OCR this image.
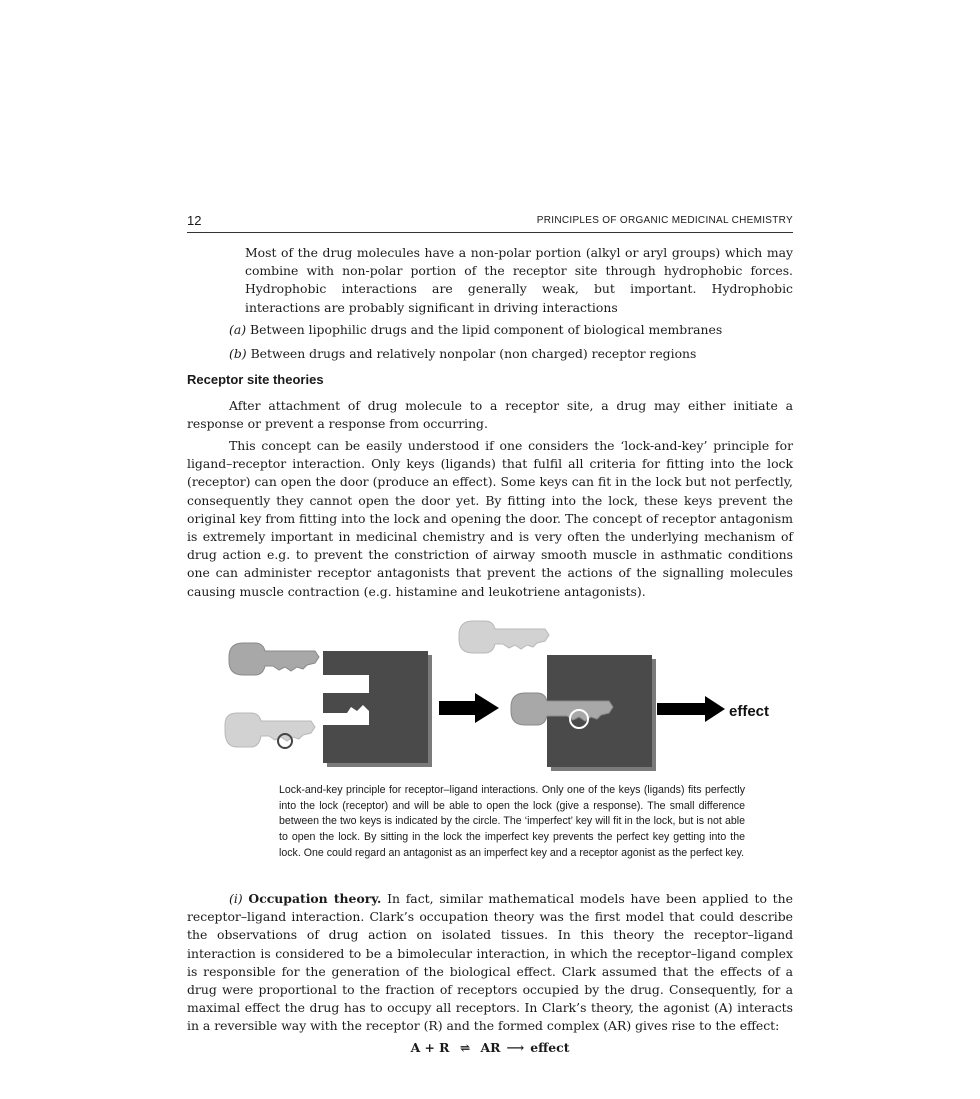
12	PRINCIPLES OF ORGANIC MEDICINAL CHEMISTRY
Most of the drug molecules have a non-polar portion (alkyl or aryl groups) which may combine with non-polar portion of the receptor site through hydrophobic forces. Hydrophobic interactions are generally weak, but important. Hydrophobic interactions are probably significant in driving interactions
(a) Between lipophilic drugs and the lipid component of biological membranes
(b) Between drugs and relatively nonpolar (non charged) receptor regions
Receptor site theories
After attachment of drug molecule to a receptor site, a drug may either initiate a response or prevent a response from occurring.
This concept can be easily understood if one considers the ‘lock-and-key’ principle for ligand–receptor interaction. Only keys (ligands) that fulfil all criteria for fitting into the lock (receptor) can open the door (produce an effect). Some keys can fit in the lock but not perfectly, consequently they cannot open the door yet. By fitting into the lock, these keys prevent the original key from fitting into the lock and opening the door. The concept of receptor antagonism is extremely important in medicinal chemistry and is very often the underlying mechanism of drug action e.g. to prevent the constriction of airway smooth muscle in asthmatic conditions one can administer receptor antagonists that prevent the actions of the signalling molecules causing muscle contraction (e.g. histamine and leukotriene antagonists).
effect
Lock-and-key principle for receptor–ligand interactions. Only one of the keys (ligands) fits perfectly into the lock (receptor) and will be able to open the lock (give a response). The small difference between the two keys is indicated by the circle. The ‘imperfect’ key will fit in the lock, but is not able to open the lock. By sitting in the lock the imperfect key prevents the perfect key getting into the lock. One could regard an antagonist as an imperfect key and a receptor agonist as the perfect key.
(i) Occupation theory. In fact, similar mathematical models have been applied to the receptor–ligand interaction. Clark’s occupation theory was the first model that could describe the observations of drug action on isolated tissues. In this theory the receptor–ligand interaction is considered to be a bimolecular interaction, in which the receptor–ligand complex is responsible for the generation of the biological effect. Clark assumed that the effects of a drug were proportional to the fraction of receptors occupied by the drug. Consequently, for a maximal effect the drug has to occupy all receptors. In Clark’s theory, the agonist (A) interacts in a reversible way with the receptor (R) and the formed complex (AR) gives rise to the effect:
A + R ⇌ AR ⟶ effect
